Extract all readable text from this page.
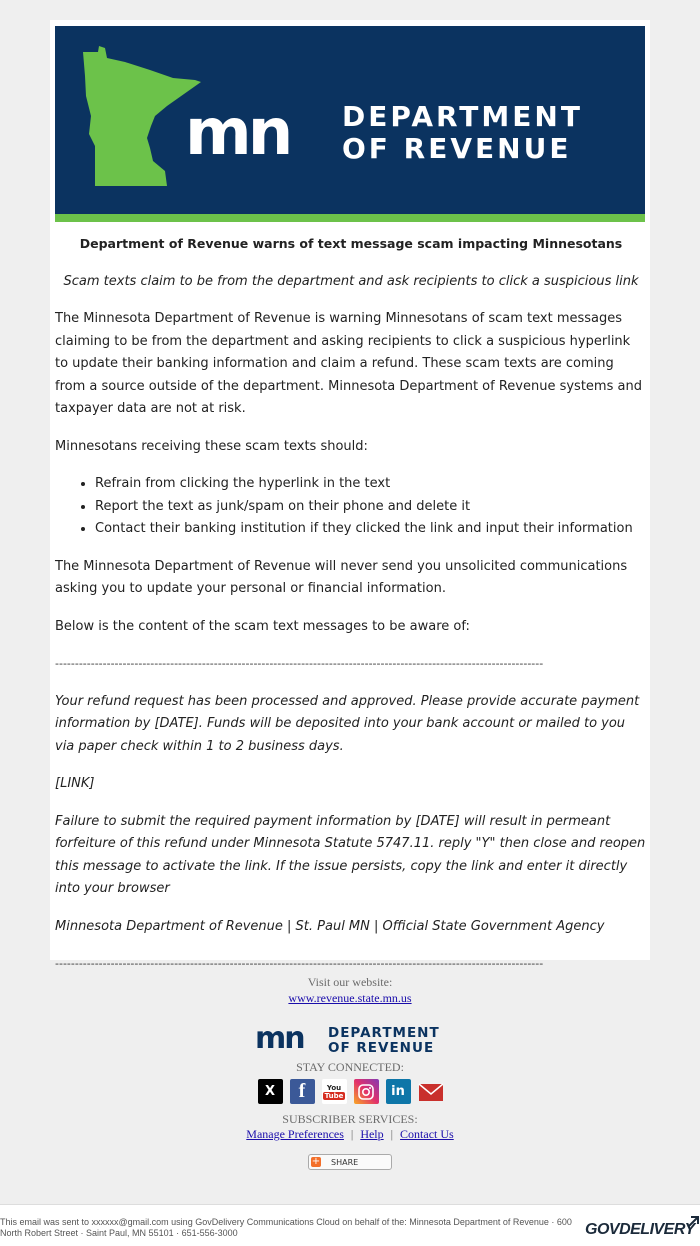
mn DEPARTMENT
OF REVENUE

Department of Revenue warns of text message scam impacting Minnesotans

Scam texts claim to be from the department and ask recipients to click a suspicious link

The Minnesota Department of Revenue is warning Minnesotans of scam text messages claiming to be from the department and asking recipients to click a suspicious hyperlink to update their banking information and claim a refund. These scam texts are coming from a source outside of the department. Minnesota Department of Revenue systems and taxpayer data are not at risk.

Minnesotans receiving these scam texts should:

• Refrain from clicking the hyperlink in the text
• Report the text as junk/spam on their phone and delete it
• Contact their banking institution if they clicked the link and input their information

The Minnesota Department of Revenue will never send you unsolicited communications asking you to update your personal or financial information.

Below is the content of the scam text messages to be aware of:

---------------------------------------------------------------------------------------------------------------------------

Your refund request has been processed and approved. Please provide accurate payment information by [DATE]. Funds will be deposited into your bank account or mailed to you via paper check within 1 to 2 business days.

[LINK]

Failure to submit the required payment information by [DATE] will result in permeant forfeiture of this refund under Minnesota Statute 5747.11. reply "Y" then close and reopen this message to activate the link. If the issue persists, copy the link and enter it directly into your browser

Minnesota Department of Revenue | St. Paul MN | Official State Government Agency

---------------------------------------------------------------------------------------------------------------------------
Visit our website:
www.revenue.state.mn.us
mn DEPARTMENT
OF REVENUE
STAY CONNECTED:
X	f	You
Tube	in
SUBSCRIBER SERVICES:
Manage Preferences | Help | Contact Us
+ SHARE
This email was sent to xxxxxx@gmail.com using GovDelivery Communications Cloud on behalf of the: Minnesota Department of Revenue · 600 North Robert Street · Saint Paul, MN 55101 · 651-556-3000	GOVDELIVERY
